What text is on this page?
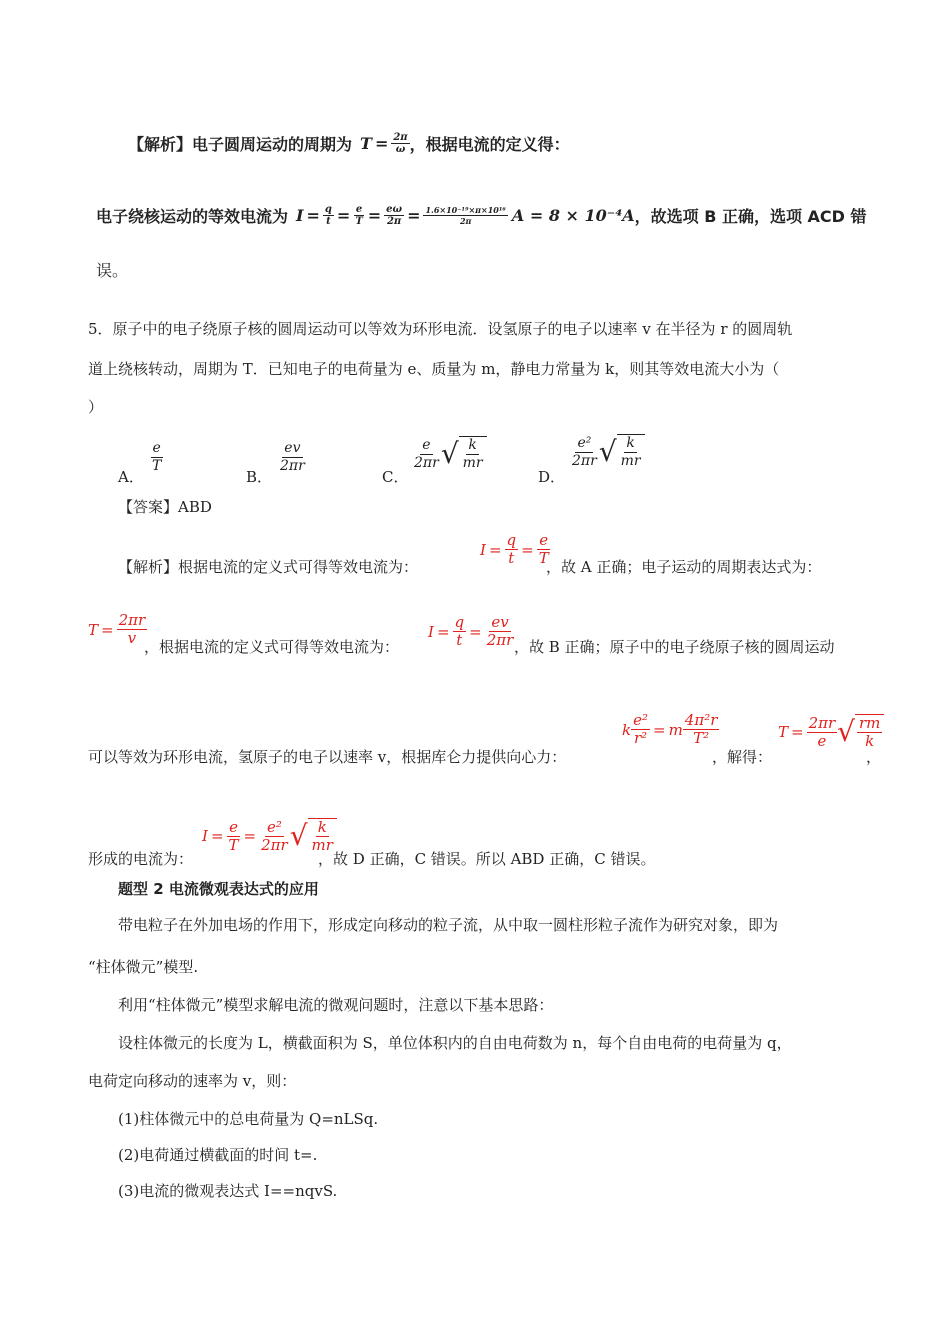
【解析】 电子圆周运动的周期为 $T = \frac{2\pi}{\omega}$ ，根据电流的定义得：
电子绕核运动的等效电流为 $I = \frac{q}{t} = \frac{e}{T} = \frac{e\omega}{2\pi} = \frac{\text{1.6×10⁻¹⁹×π×10¹⁶}}{2\pi}$ A = 8 × 10⁻⁴A ，故选项 B 正确，选项 ACD 错
误。
5．原子中的电子绕原子核的圆周运动可以等效为环形电流．设氢原子的电子以速率 v 在半径为 r 的圆周轨
道上绕核转动，周期为 T．已知电子的电荷量为 e、质量为 m，静电力常量为 k，则其等效电流大小为（
）
A．
$\frac{e}{T}$
B．
$\frac{ev}{2\pi r}$
C．
$\frac{e}{2\pi r}$ √ $\frac{k}{mr}$
D．
$\frac{\text{e²}}{2\pi r}$ √ $\frac{k}{mr}$
【答案】ABD
【解析】根据电流的定义式可得等效电流为：
$I = \frac{q}{t} = \frac{e}{T}$
，故 A 正确；电子运动的周期表达式为：
$T = \frac{2\pi r}{v}$
，根据电流的定义式可得等效电流为：
$I = \frac{q}{t} = \frac{ev}{2\pi r}$
，故 B 正确；原子中的电子绕原子核的圆周运动
可以等效为环形电流，氢原子的电子以速率 v，根据库仑力提供向心力：
k $\frac{\text{e²}}{\text{r²}} = m \frac{\text{4π²r}}{\text{T²}}$
，解得：
$T = \frac{2\pi r}{e}$ √ $\frac{rm}{k}$
，
形成的电流为：
$I = \frac{e}{T} = \frac{\text{e²}}{2\pi r}$ √ $\frac{k}{mr}$
，故 D 正确，C 错误。所以 ABD 正确，C 错误。
题型 2 电流微观表达式的应用
带电粒子在外加电场的作用下，形成定向移动的粒子流，从中取一圆柱形粒子流作为研究对象，即为
“柱体微元”模型.
利用“柱体微元”模型求解电流的微观问题时，注意以下基本思路：
设柱体微元的长度为 L，横截面积为 S，单位体积内的自由电荷数为 n，每个自由电荷的电荷量为 q，
电荷定向移动的速率为 v，则：
(1)柱体微元中的总电荷量为 Q=nLSq.
(2)电荷通过横截面的时间 t=.
(3)电流的微观表达式 I==nqvS.
